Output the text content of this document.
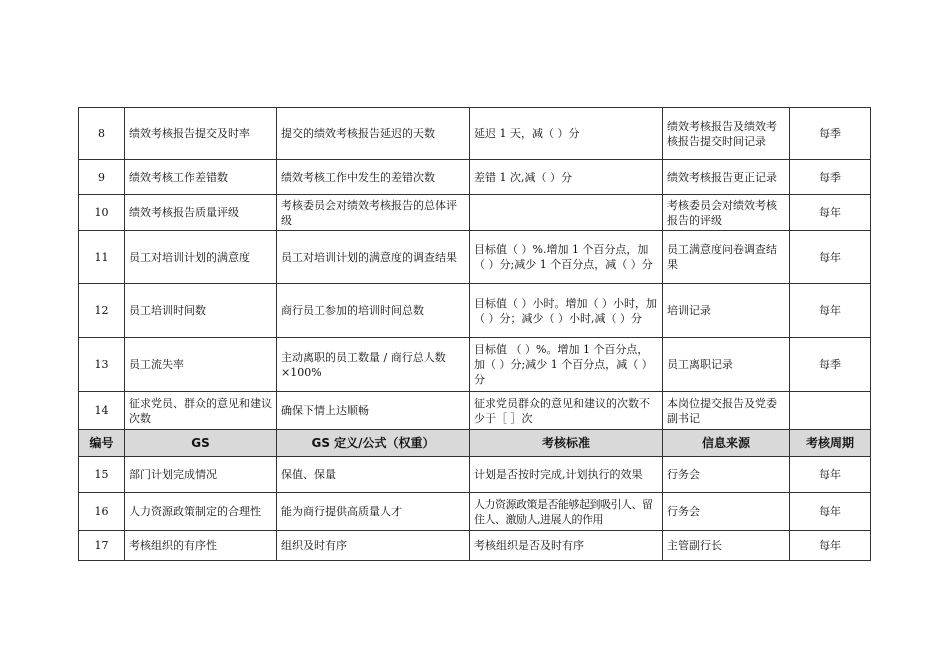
8	绩效考核报告提交及时率	提交的绩效考核报告延迟的天数	延迟 1 天，减（ ）分	绩效考核报告及绩效考核报告提交时间记录	每季
9	绩效考核工作差错数	绩效考核工作中发生的差错次数	差错 1 次,减（ ）分	绩效考核报告更正记录	每季
10	绩效考核报告质量评级	考核委员会对绩效考核报告的总体评级		考核委员会对绩效考核报告的评级	每年
11	员工对培训计划的满意度	员工对培训计划的满意度的调查结果	目标值（ ）%.增加 1 个百分点，加（ ）分;减少 1 个百分点，减（ ）分	员工满意度问卷调查结果	每年
12	员工培训时间数	商行员工参加的培训时间总数	目标值（ ）小时。增加（ ）小时，加（ ）分；减少（ ）小时,减（ ）分	培训记录	每年
13	员工流失率	主动离职的员工数量 / 商行总人数×100%	目标值 （ ）%。增加 1 个百分点，加（ ）分;减少 1 个百分点，减（ ）分	员工离职记录	每季
14	征求党员、群众的意见和建议次数	确保下情上达顺畅	征求党员群众的意见和建议的次数不少于［ ］次	本岗位提交报告及党委副书记	
编号	GS	GS 定义/公式（权重）	考核标准	信息来源	考核周期
15	部门计划完成情况	保值、保量	计划是否按时完成,计划执行的效果	行务会	每年
16	人力资源政策制定的合理性	能为商行提供高质量人才	人力资源政策是否能够起到吸引人、留住人、激励人,进展人的作用	行务会	每年
17	考核组织的有序性	组织及时有序	考核组织是否及时有序	主管副行长	每年
